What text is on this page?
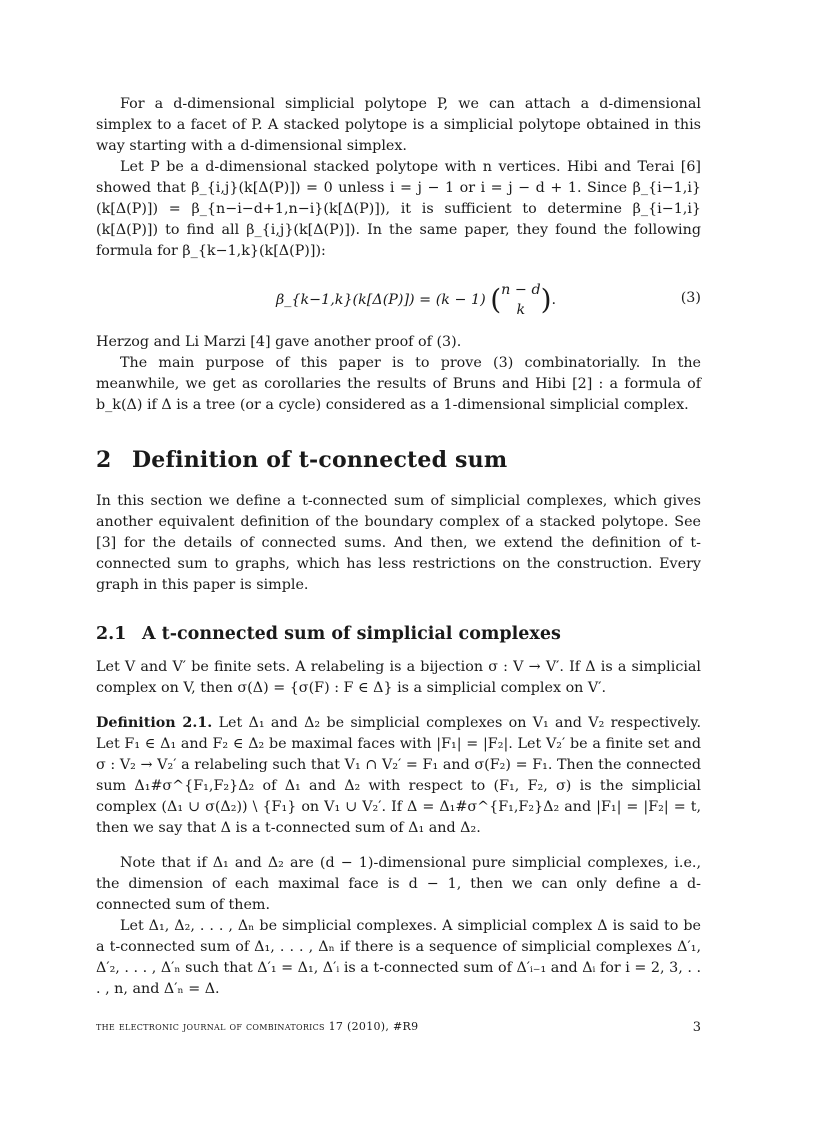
For a d-dimensional simplicial polytope P, we can attach a d-dimensional simplex to a facet of P. A stacked polytope is a simplicial polytope obtained in this way starting with a d-dimensional simplex.

Let P be a d-dimensional stacked polytope with n vertices. Hibi and Terai [6] showed that β_{i,j}(k[Δ(P)]) = 0 unless i = j − 1 or i = j − d + 1. Since β_{i−1,i}(k[Δ(P)]) = β_{n−i−d+1,n−i}(k[Δ(P)]), it is sufficient to determine β_{i−1,i}(k[Δ(P)]) to find all β_{i,j}(k[Δ(P)]). In the same paper, they found the following formula for β_{k−1,k}(k[Δ(P)]):

β_{k−1,k}(k[Δ(P)]) = (k − 1) (n − d
k ).	(3)

Herzog and Li Marzi [4] gave another proof of (3).

The main purpose of this paper is to prove (3) combinatorially. In the meanwhile, we get as corollaries the results of Bruns and Hibi [2] : a formula of b_k(Δ) if Δ is a tree (or a cycle) considered as a 1-dimensional simplicial complex.

2 Definition of t-connected sum

In this section we define a t-connected sum of simplicial complexes, which gives another equivalent definition of the boundary complex of a stacked polytope. See [3] for the details of connected sums. And then, we extend the definition of t-connected sum to graphs, which has less restrictions on the construction. Every graph in this paper is simple.

2.1 A t-connected sum of simplicial complexes

Let V and V′ be finite sets. A relabeling is a bijection σ : V → V′. If Δ is a simplicial complex on V, then σ(Δ) = {σ(F) : F ∈ Δ} is a simplicial complex on V′.

Definition 2.1. Let Δ₁ and Δ₂ be simplicial complexes on V₁ and V₂ respectively. Let F₁ ∈ Δ₁ and F₂ ∈ Δ₂ be maximal faces with |F₁| = |F₂|. Let V₂′ be a finite set and σ : V₂ → V₂′ a relabeling such that V₁ ∩ V₂′ = F₁ and σ(F₂) = F₁. Then the connected sum Δ₁#σ^{F₁,F₂}Δ₂ of Δ₁ and Δ₂ with respect to (F₁, F₂, σ) is the simplicial complex (Δ₁ ∪ σ(Δ₂)) \ {F₁} on V₁ ∪ V₂′. If Δ = Δ₁#σ^{F₁,F₂}Δ₂ and |F₁| = |F₂| = t, then we say that Δ is a t-connected sum of Δ₁ and Δ₂.

Note that if Δ₁ and Δ₂ are (d − 1)-dimensional pure simplicial complexes, i.e., the dimension of each maximal face is d − 1, then we can only define a d-connected sum of them.

Let Δ₁, Δ₂, . . . , Δₙ be simplicial complexes. A simplicial complex Δ is said to be a t-connected sum of Δ₁, . . . , Δₙ if there is a sequence of simplicial complexes Δ′₁, Δ′₂, . . . , Δ′ₙ such that Δ′₁ = Δ₁, Δ′ᵢ is a t-connected sum of Δ′ᵢ₋₁ and Δᵢ for i = 2, 3, . . . , n, and Δ′ₙ = Δ.

the electronic journal of combinatorics 17 (2010), #R9	3
